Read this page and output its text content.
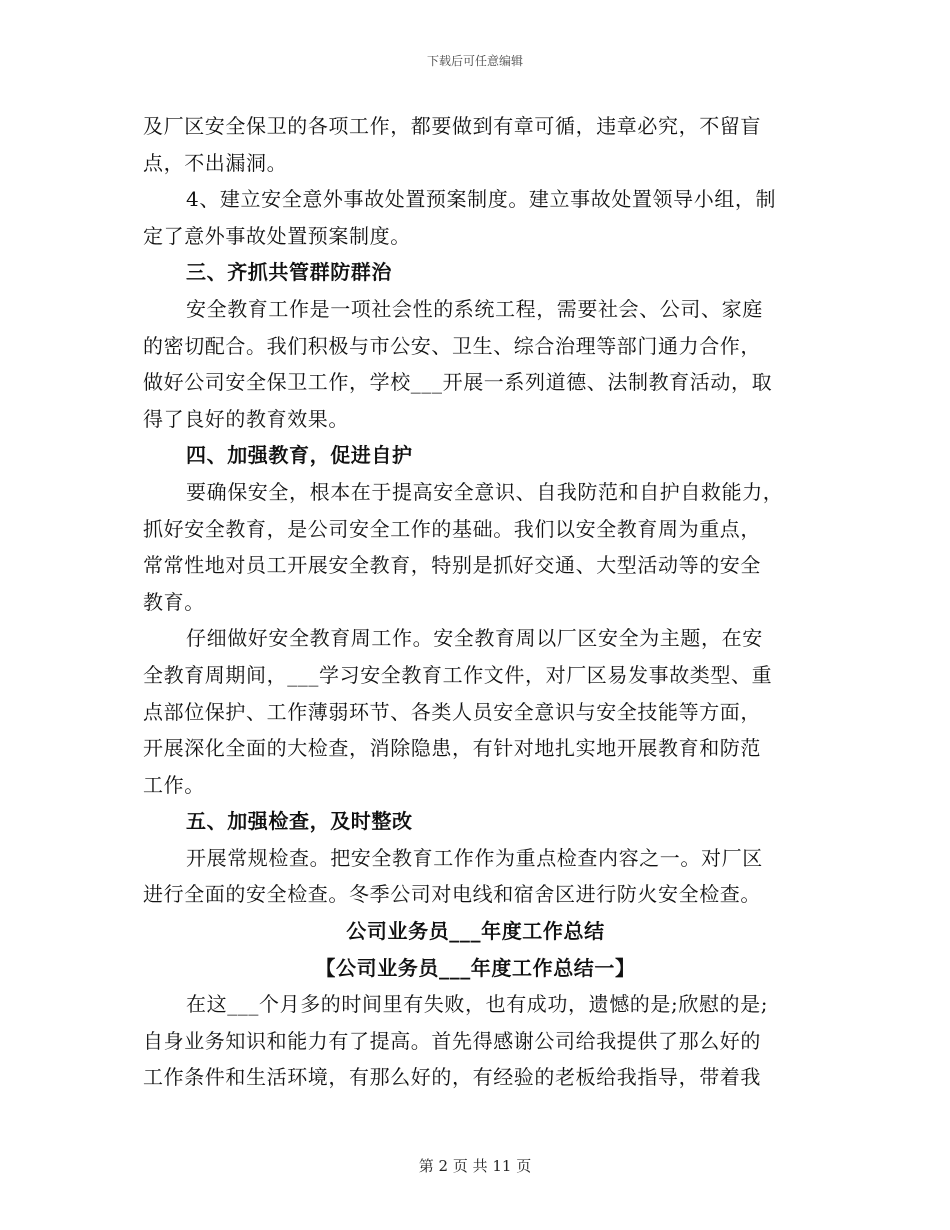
下载后可任意编辑
及厂区安全保卫的各项工作，都要做到有章可循，违章必究，不留盲
点，不出漏洞。
4、建立安全意外事故处置预案制度。建立事故处置领导小组，制
定了意外事故处置预案制度。
三、齐抓共管群防群治
安全教育工作是一项社会性的系统工程，需要社会、公司、家庭
的密切配合。我们积极与市公安、卫生、综合治理等部门通力合作，
做好公司安全保卫工作，学校___开展一系列道德、法制教育活动，取
得了良好的教育效果。
四、加强教育，促进自护
要确保安全，根本在于提高安全意识、自我防范和自护自救能力，
抓好安全教育，是公司安全工作的基础。我们以安全教育周为重点，
常常性地对员工开展安全教育，特别是抓好交通、大型活动等的安全
教育。
仔细做好安全教育周工作。安全教育周以厂区安全为主题，在安
全教育周期间，___学习安全教育工作文件，对厂区易发事故类型、重
点部位保护、工作薄弱环节、各类人员安全意识与安全技能等方面，
开展深化全面的大检查，消除隐患，有针对地扎实地开展教育和防范
工作。
五、加强检查，及时整改
开展常规检查。把安全教育工作作为重点检查内容之一。对厂区
进行全面的安全检查。冬季公司对电线和宿舍区进行防火安全检查。
公司业务员___年度工作总结
【公司业务员___年度工作总结一】
在这___个月多的时间里有失败，也有成功，遗憾的是;欣慰的是;
自身业务知识和能力有了提高。首先得感谢公司给我提供了那么好的
工作条件和生活环境，有那么好的，有经验的老板给我指导，带着我
第 2 页 共 11 页
